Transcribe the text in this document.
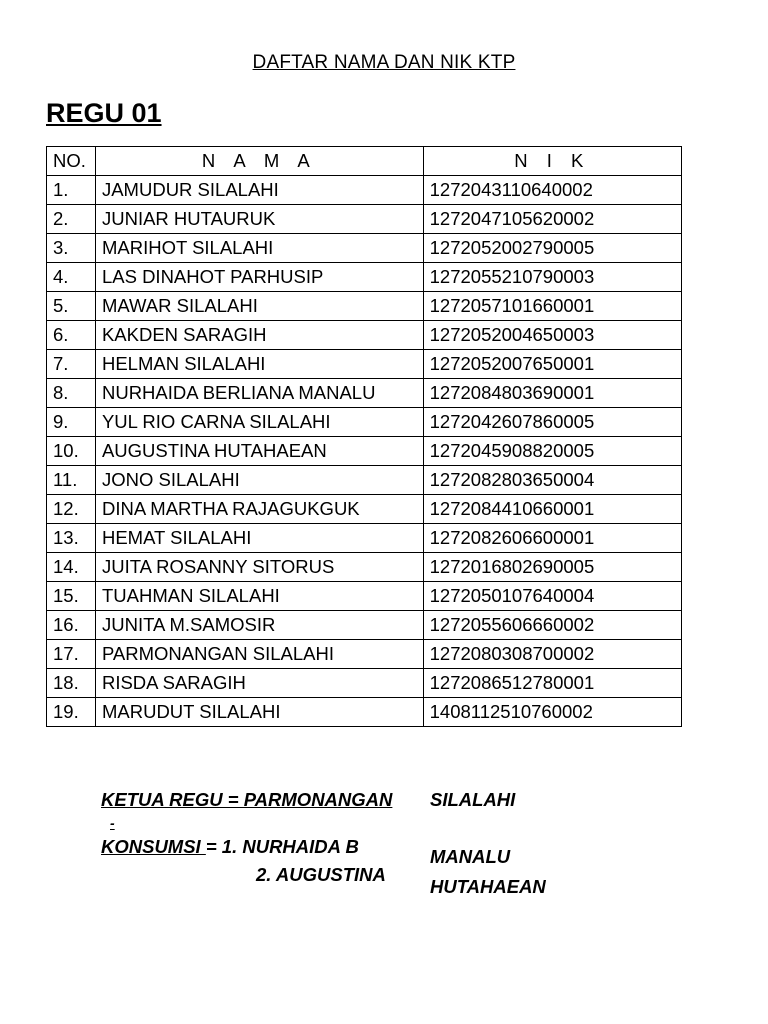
DAFTAR NAMA DAN NIK KTP
REGU 01
NO.	N A M A	N I K
1.	JAMUDUR SILALAHI	1272043110640002
2.	JUNIAR HUTAURUK	1272047105620002
3.	MARIHOT SILALAHI	1272052002790005
4.	LAS DINAHOT PARHUSIP	1272055210790003
5.	MAWAR SILALAHI	1272057101660001
6.	KAKDEN SARAGIH	1272052004650003
7.	HELMAN SILALAHI	1272052007650001
8.	NURHAIDA BERLIANA MANALU	1272084803690001
9.	YUL RIO CARNA SILALAHI	1272042607860005
10.	AUGUSTINA HUTAHAEAN	1272045908820005
11.	JONO SILALAHI	1272082803650004
12.	DINA MARTHA RAJAGUKGUK	1272084410660001
13.	HEMAT SILALAHI	1272082606600001
14.	JUITA ROSANNY SITORUS	1272016802690005
15.	TUAHMAN SILALAHI	1272050107640004
16.	JUNITA M.SAMOSIR	1272055606660002
17.	PARMONANGAN SILALAHI	1272080308700002
18.	RISDA SARAGIH	1272086512780001
19.	MARUDUT SILALAHI	1408112510760002
KETUA REGU = PARMONANGAN SILALAHI
-
KONSUMSI = 1. NURHAIDA B
2. AUGUSTINA
MANALU
HUTAHAEAN
